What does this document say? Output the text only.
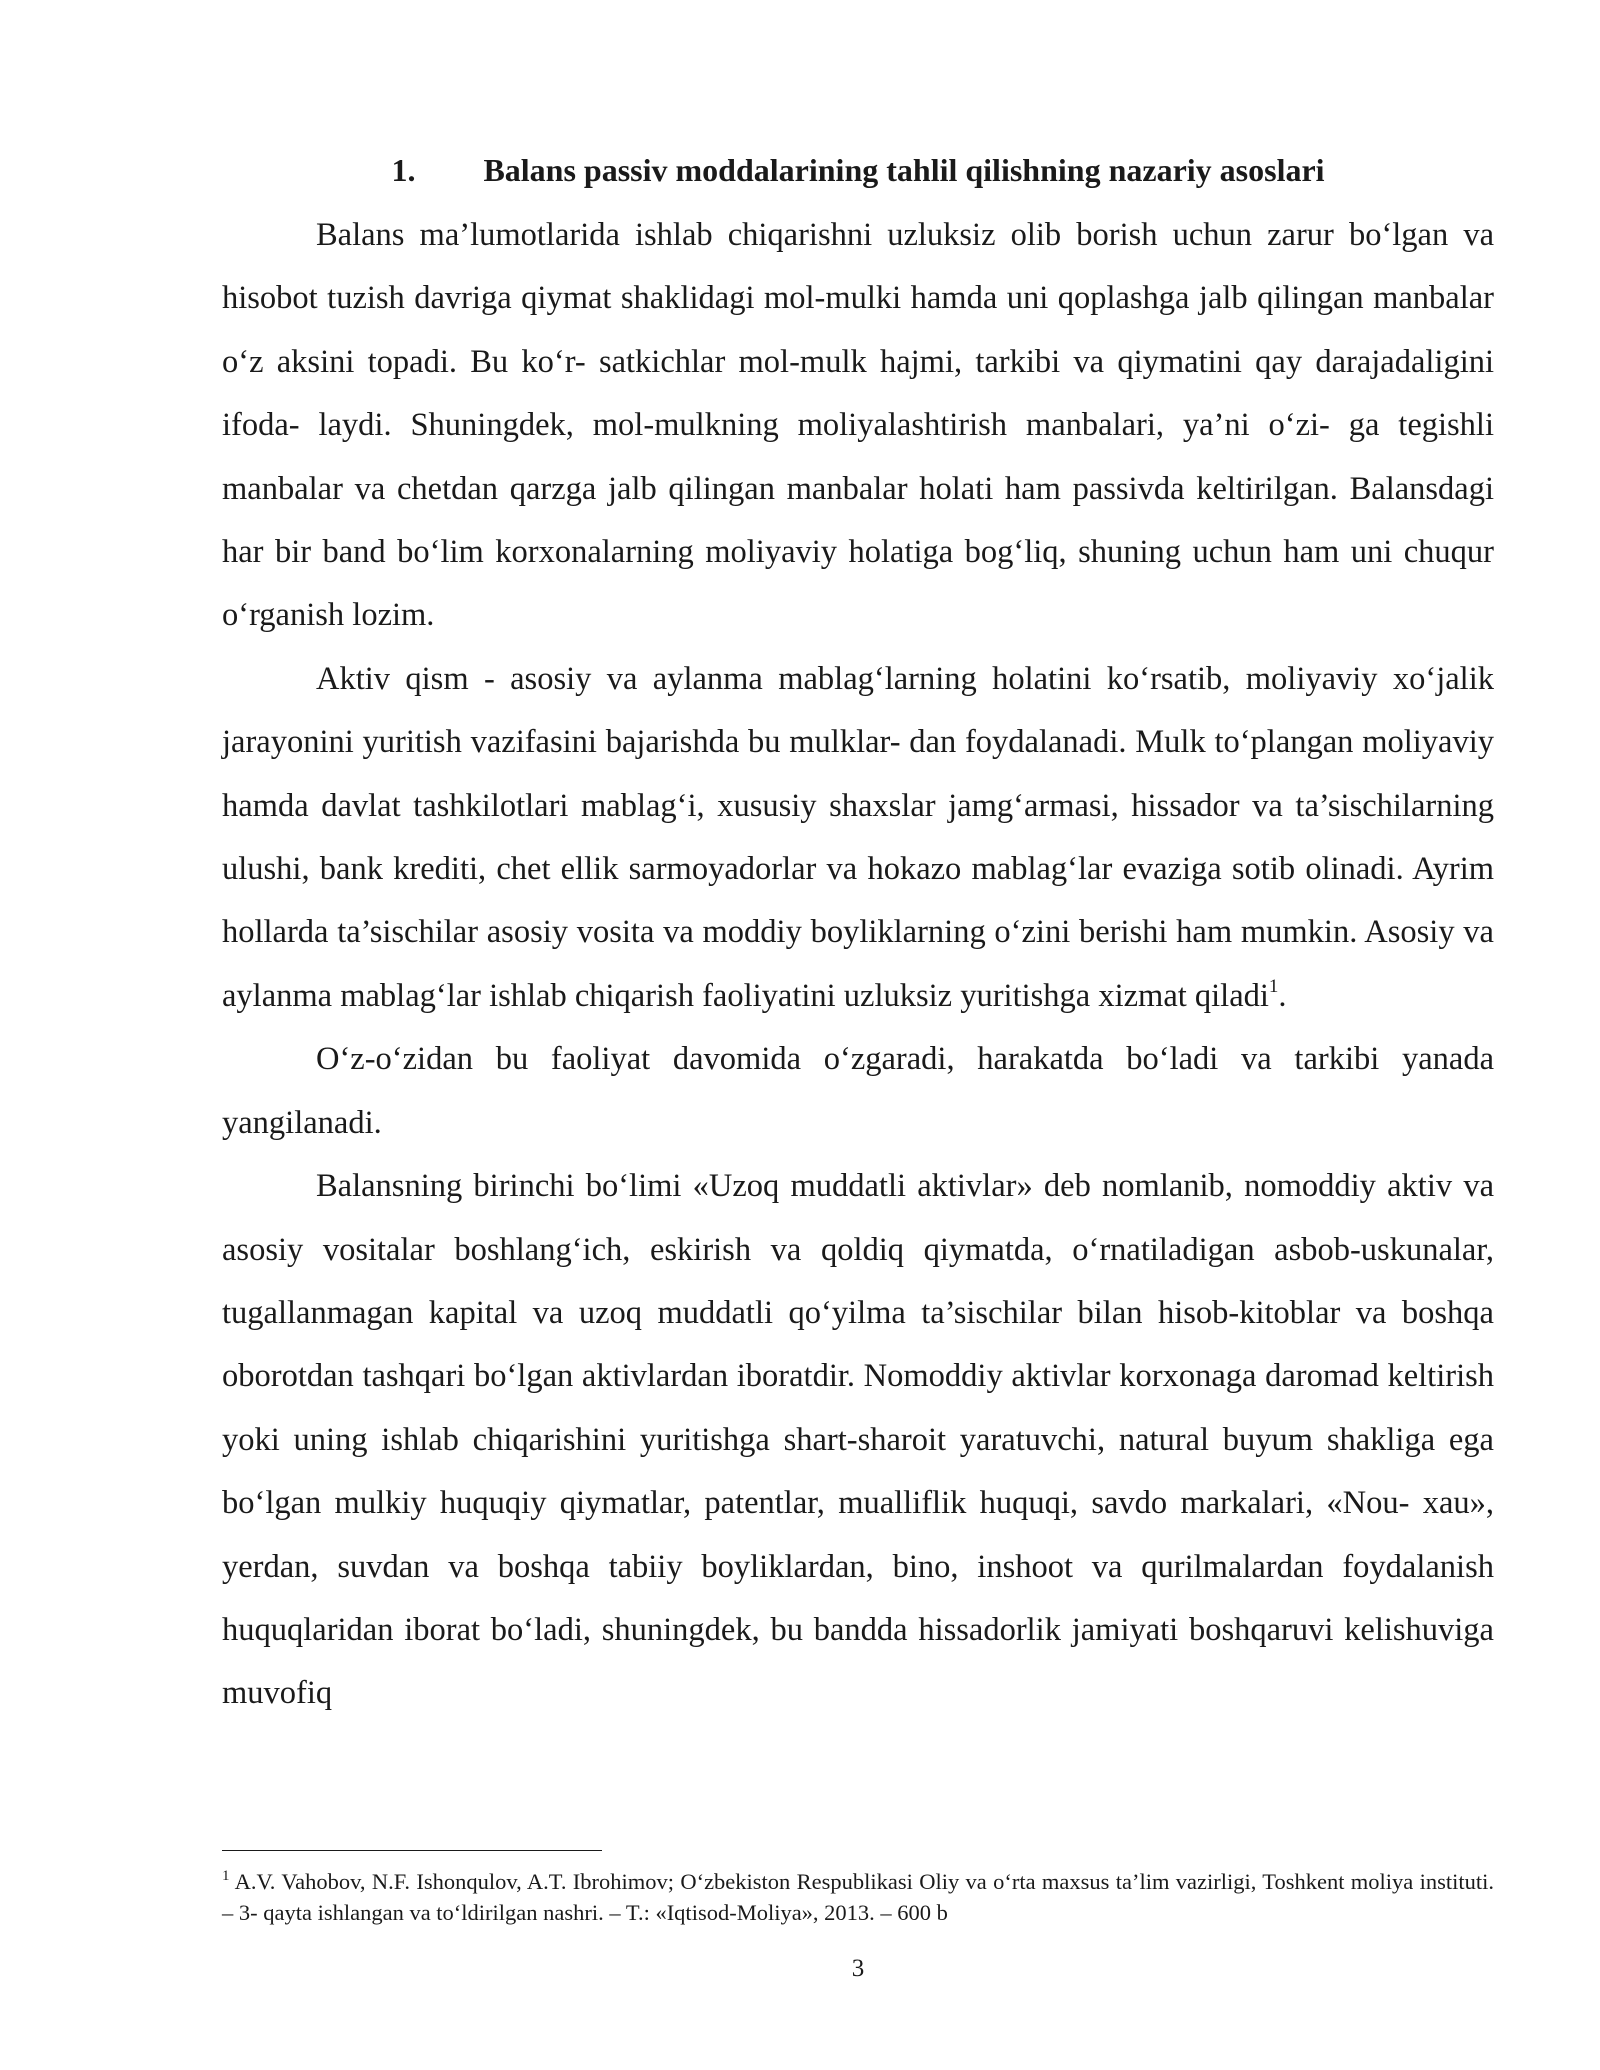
1. Balans passiv moddalarining tahlil qilishning nazariy asoslari

Balans ma’lumotlarida ishlab chiqarishni uzluksiz olib borish uchun zarur bo‘lgan va hisobot tuzish davriga qiymat shaklidagi mol-mulki hamda uni qoplashga jalb qilingan manbalar o‘z aksini topadi. Bu ko‘r- satkichlar mol-mulk hajmi, tarkibi va qiymatini qay darajadaligini ifoda- laydi. Shuningdek, mol-mulkning moliyalashtirish manbalari, ya’ni o‘zi- ga tegishli manbalar va chetdan qarzga jalb qilingan manbalar holati ham passivda keltirilgan. Balansdagi har bir band bo‘lim korxonalarning moliyaviy holatiga bog‘liq, shuning uchun ham uni chuqur o‘rganish lozim.

Aktiv qism - asosiy va aylanma mablag‘larning holatini ko‘rsatib, moliyaviy xo‘jalik jarayonini yuritish vazifasini bajarishda bu mulklar- dan foydalanadi. Mulk to‘plangan moliyaviy hamda davlat tashkilotlari mablag‘i, xususiy shaxslar jamg‘armasi, hissador va ta’sischilarning ulushi, bank krediti, chet ellik sarmoyadorlar va hokazo mablag‘lar evaziga sotib olinadi. Ayrim hollarda ta’sischilar asosiy vosita va moddiy boyliklarning o‘zini berishi ham mumkin. Asosiy va aylanma mablag‘lar ishlab chiqarish faoliyatini uzluksiz yuritishga xizmat qiladi$^1$.

O‘z-o‘zidan bu faoliyat davomida o‘zgaradi, harakatda bo‘ladi va tarkibi yanada yangilanadi.

Balansning birinchi bo‘limi «Uzoq muddatli aktivlar» deb nomlanib, nomoddiy aktiv va asosiy vositalar boshlang‘ich, eskirish va qoldiq qiymatda, o‘rnatiladigan asbob-uskunalar, tugallanmagan kapital va uzoq muddatli qo‘yilma ta’sischilar bilan hisob-kitoblar va boshqa oborotdan tashqari bo‘lgan aktivlardan iboratdir. Nomoddiy aktivlar korxonaga daromad keltirish yoki uning ishlab chiqarishini yuritishga shart-sharoit yaratuvchi, natural buyum shakliga ega bo‘lgan mulkiy huquqiy qiymatlar, patentlar, mualliflik huquqi, savdo markalari, «Nou- xau», yerdan, suvdan va boshqa tabiiy boyliklardan, bino, inshoot va qurilmalardan foydalanish huquqlaridan iborat bo‘ladi, shuningdek, bu bandda hissadorlik jamiyati boshqaruvi kelishuviga muvofiq

$^1$ A.V. Vahobov, N.F. Ishonqulov, A.T. Ibrohimov; O‘zbekiston Respublikasi Oliy va o‘rta maxsus ta’lim vazirligi, Toshkent moliya instituti. – 3- qayta ishlangan va to‘ldirilgan nashri. – T.: «Iqtisod-Moliya», 2013. – 600 b

3
